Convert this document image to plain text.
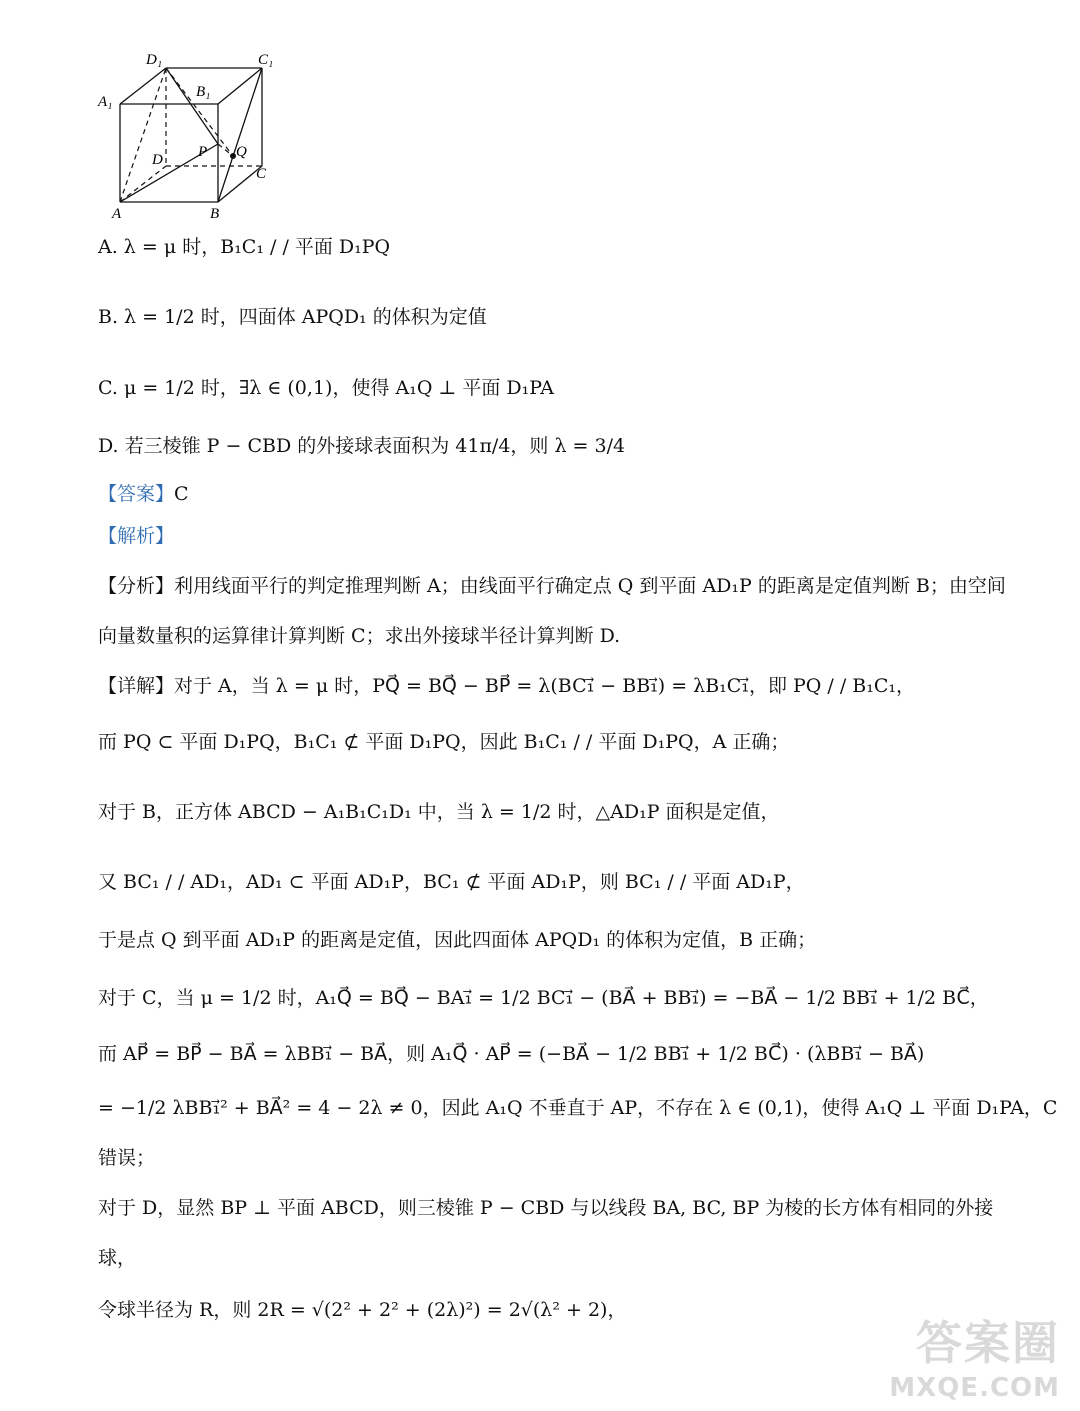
D₁	C₁
B₁
A₁
D P Q
C
A	B
A. λ = μ 时，B₁C₁ / / 平面 D₁PQ
B. λ = 1/2 时，四面体 APQD₁ 的体积为定值
C. μ = 1/2 时，∃λ ∈ (0,1)，使得 A₁Q ⊥ 平面 D₁PA
D. 若三棱锥 P − CBD 的外接球表面积为 41π/4，则 λ = 3/4
【答案】C
【解析】
【分析】利用线面平行的判定推理判断 A；由线面平行确定点 Q 到平面 AD₁P 的距离是定值判断 B；由空间
向量数量积的运算律计算判断 C；求出外接球半径计算判断 D.
【详解】对于 A，当 λ = μ 时，PQ⃗ = BQ⃗ − BP⃗ = λ(BC₁⃗ − BB₁⃗) = λB₁C₁⃗，即 PQ / / B₁C₁，
而 PQ ⊂ 平面 D₁PQ，B₁C₁ ⊄ 平面 D₁PQ，因此 B₁C₁ / / 平面 D₁PQ，A 正确；
对于 B，正方体 ABCD − A₁B₁C₁D₁ 中，当 λ = 1/2 时，△AD₁P 面积是定值，
又 BC₁ / / AD₁，AD₁ ⊂ 平面 AD₁P，BC₁ ⊄ 平面 AD₁P，则 BC₁ / / 平面 AD₁P，
于是点 Q 到平面 AD₁P 的距离是定值，因此四面体 APQD₁ 的体积为定值，B 正确；
对于 C，当 μ = 1/2 时，A₁Q⃗ = BQ⃗ − BA₁⃗ = 1/2 BC₁⃗ − (BA⃗ + BB₁⃗) = −BA⃗ − 1/2 BB₁⃗ + 1/2 BC⃗，
而 AP⃗ = BP⃗ − BA⃗ = λBB₁⃗ − BA⃗，则 A₁Q⃗ · AP⃗ = (−BA⃗ − 1/2 BB₁⃗ + 1/2 BC⃗) · (λBB₁⃗ − BA⃗)
= −1/2 λBB₁⃗² + BA⃗² = 4 − 2λ ≠ 0，因此 A₁Q 不垂直于 AP，不存在 λ ∈ (0,1)，使得 A₁Q ⊥ 平面 D₁PA，C
错误；
对于 D，显然 BP ⊥ 平面 ABCD，则三棱锥 P − CBD 与以线段 BA, BC, BP 为棱的长方体有相同的外接
球，
令球半径为 R，则 2R = √(2² + 2² + (2λ)²) = 2√(λ² + 2)，
答案圈
MXQE.COM
